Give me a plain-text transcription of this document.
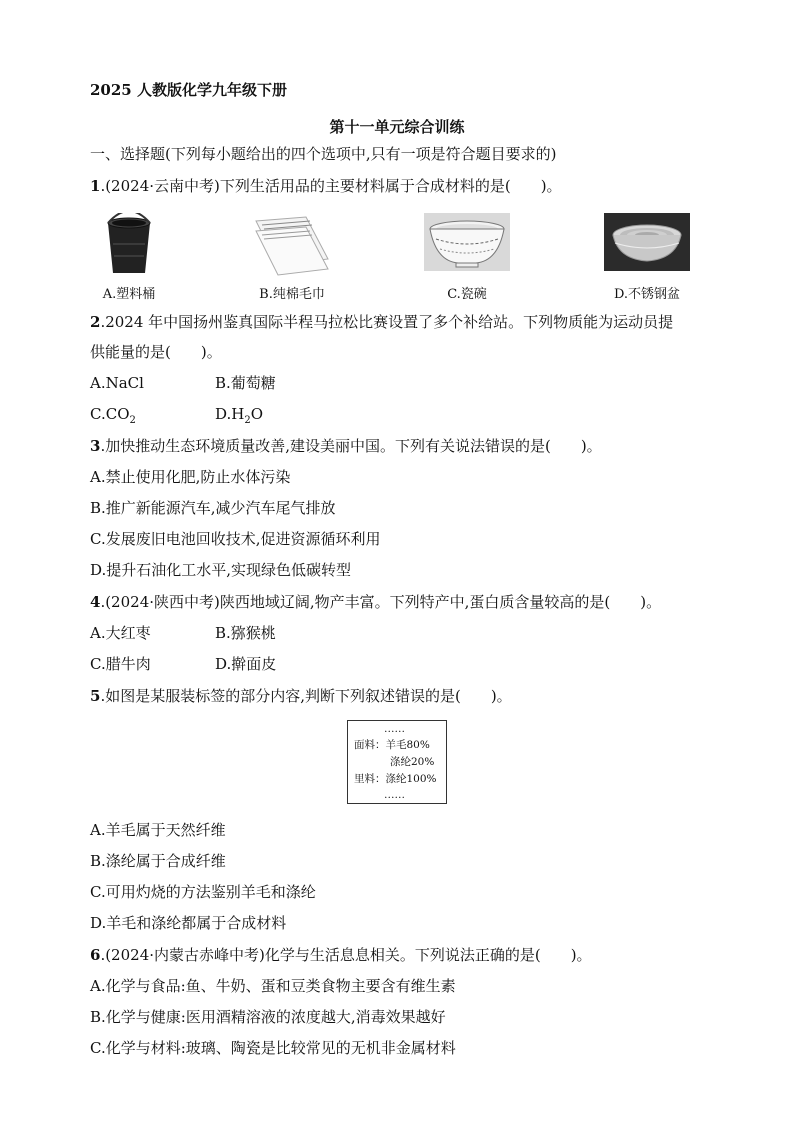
2025 人教版化学九年级下册
第十一单元综合训练
一、选择题(下列每小题给出的四个选项中,只有一项是符合题目要求的)
1.(2024·云南中考)下列生活用品的主要材料属于合成材料的是(　　)。
A.塑料桶	B.纯棉毛巾	C.瓷碗	D.不锈钢盆
2.2024 年中国扬州鉴真国际半程马拉松比赛设置了多个补给站。下列物质能为运动员提
供能量的是(　　)。
A.NaCl	B.葡萄糖
$C.CO_2$	$D.H_2O$
3.加快推动生态环境质量改善,建设美丽中国。下列有关说法错误的是(　　)。
A.禁止使用化肥,防止水体污染
B.推广新能源汽车,减少汽车尾气排放
C.发展废旧电池回收技术,促进资源循环利用
D.提升石油化工水平,实现绿色低碳转型
4.(2024·陕西中考)陕西地域辽阔,物产丰富。下列特产中,蛋白质含量较高的是(　　)。
A.大红枣	B.猕猴桃
C.腊牛肉	D.擀面皮
5.如图是某服装标签的部分内容,判断下列叙述错误的是(　　)。
……
面料：羊毛80%
涤纶20%
里料：涤纶100%
……
A.羊毛属于天然纤维
B.涤纶属于合成纤维
C.可用灼烧的方法鉴别羊毛和涤纶
D.羊毛和涤纶都属于合成材料
6.(2024·内蒙古赤峰中考)化学与生活息息相关。下列说法正确的是(　　)。
A.化学与食品:鱼、牛奶、蛋和豆类食物主要含有维生素
B.化学与健康:医用酒精溶液的浓度越大,消毒效果越好
C.化学与材料:玻璃、陶瓷是比较常见的无机非金属材料
